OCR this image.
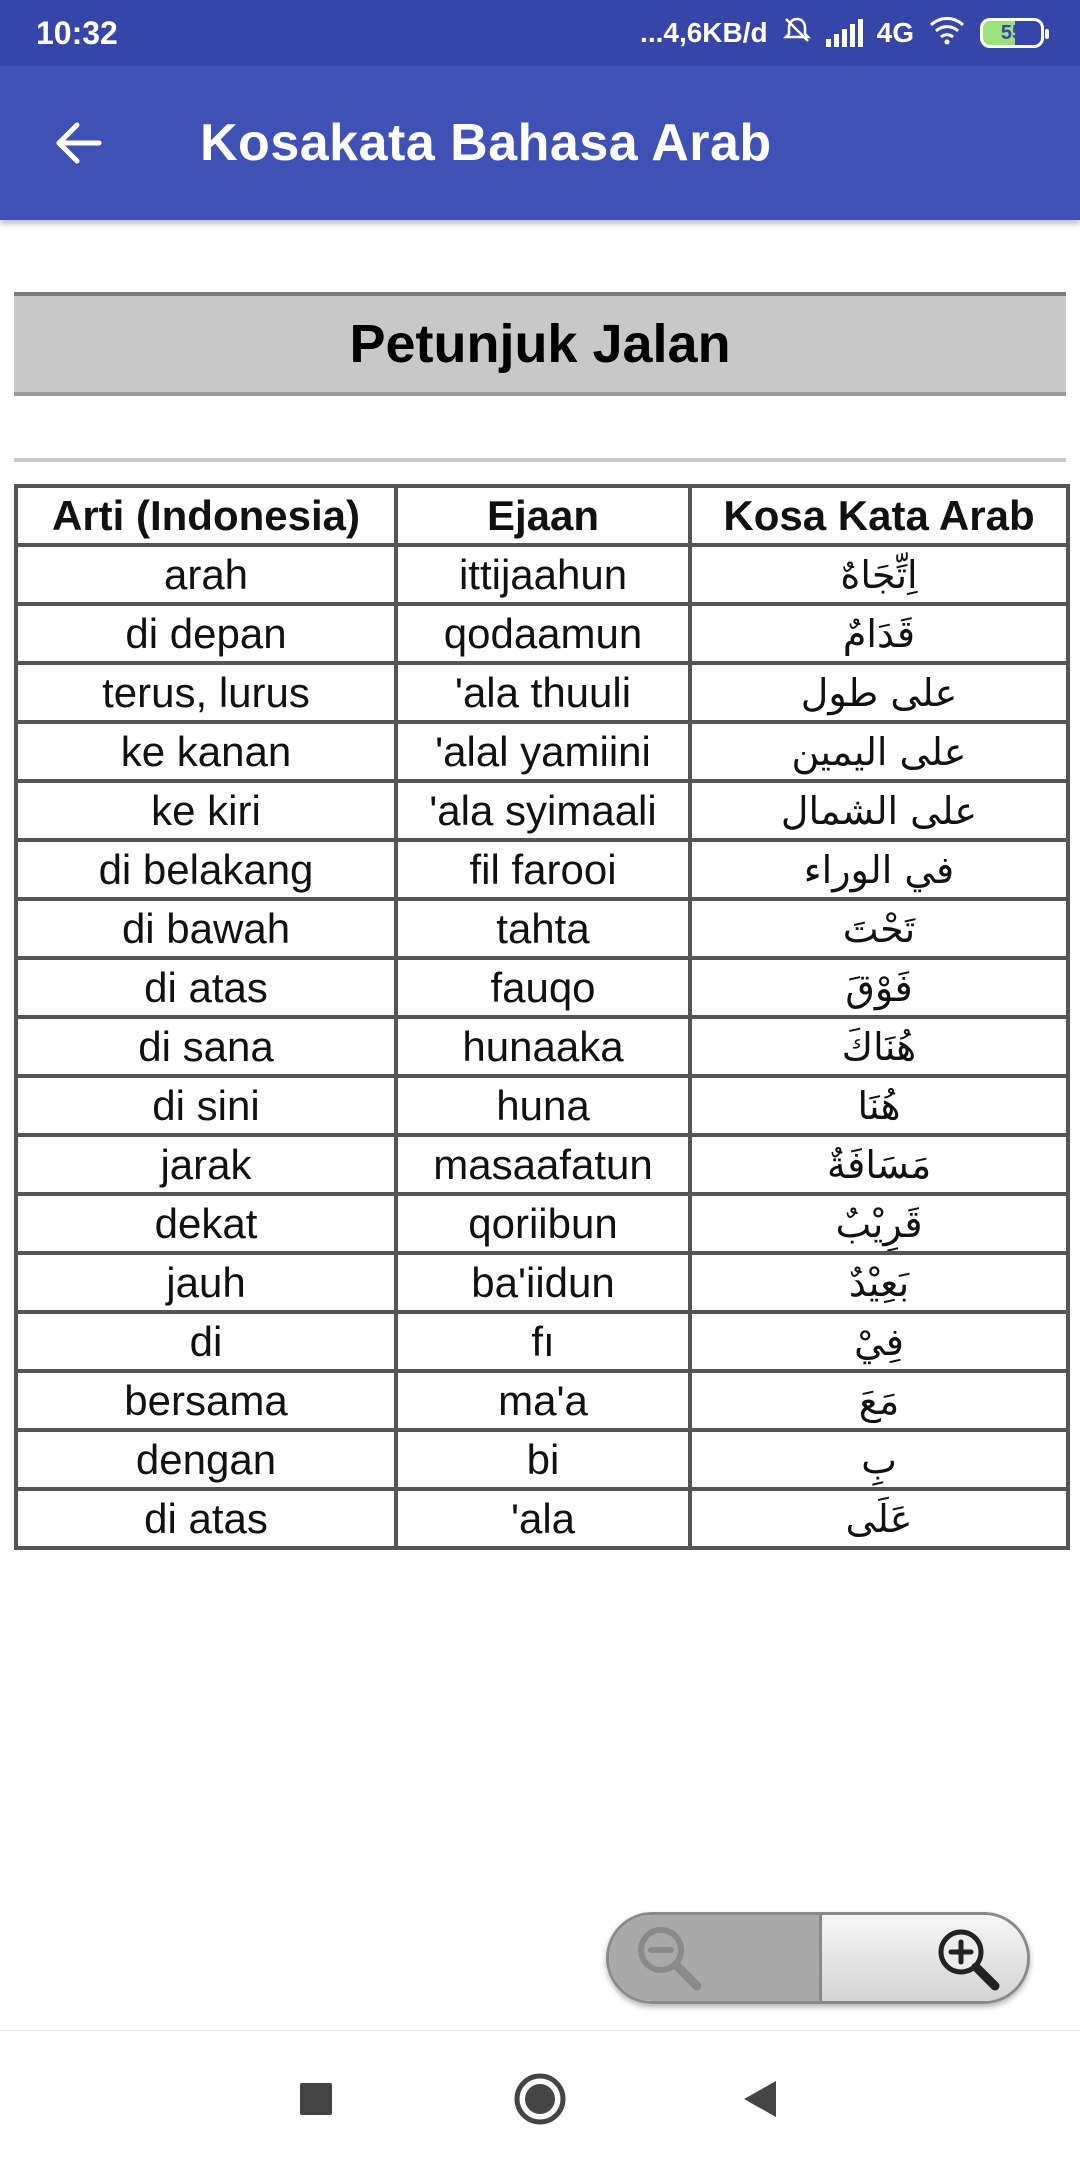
10:32	...4,6KB/d	4G	55
Kosakata Bahasa Arab
Petunjuk Jalan
Arti (Indonesia)	Ejaan	Kosa Kata Arab
arah	ittijaahun	اِتِّجَاهٌ
di depan	qodaamun	قَدَامٌ
terus, lurus	'ala thuuli	على طول
ke kanan	'alal yamiini	على اليمين
ke kiri	'ala syimaali	على الشمال
di belakang	fil farooi	في الوراء
di bawah	tahta	تَحْتَ
di atas	fauqo	فَوْقَ
di sana	hunaaka	هُنَاكَ
di sini	huna	هُنَا
jarak	masaafatun	مَسَافَةٌ
dekat	qoriibun	قَرِيْبٌ
jauh	ba'iidun	بَعِيْدٌ
di	fı	فِيْ
bersama	ma'a	مَعَ
dengan	bi	بِ
di atas	'ala	عَلَى
